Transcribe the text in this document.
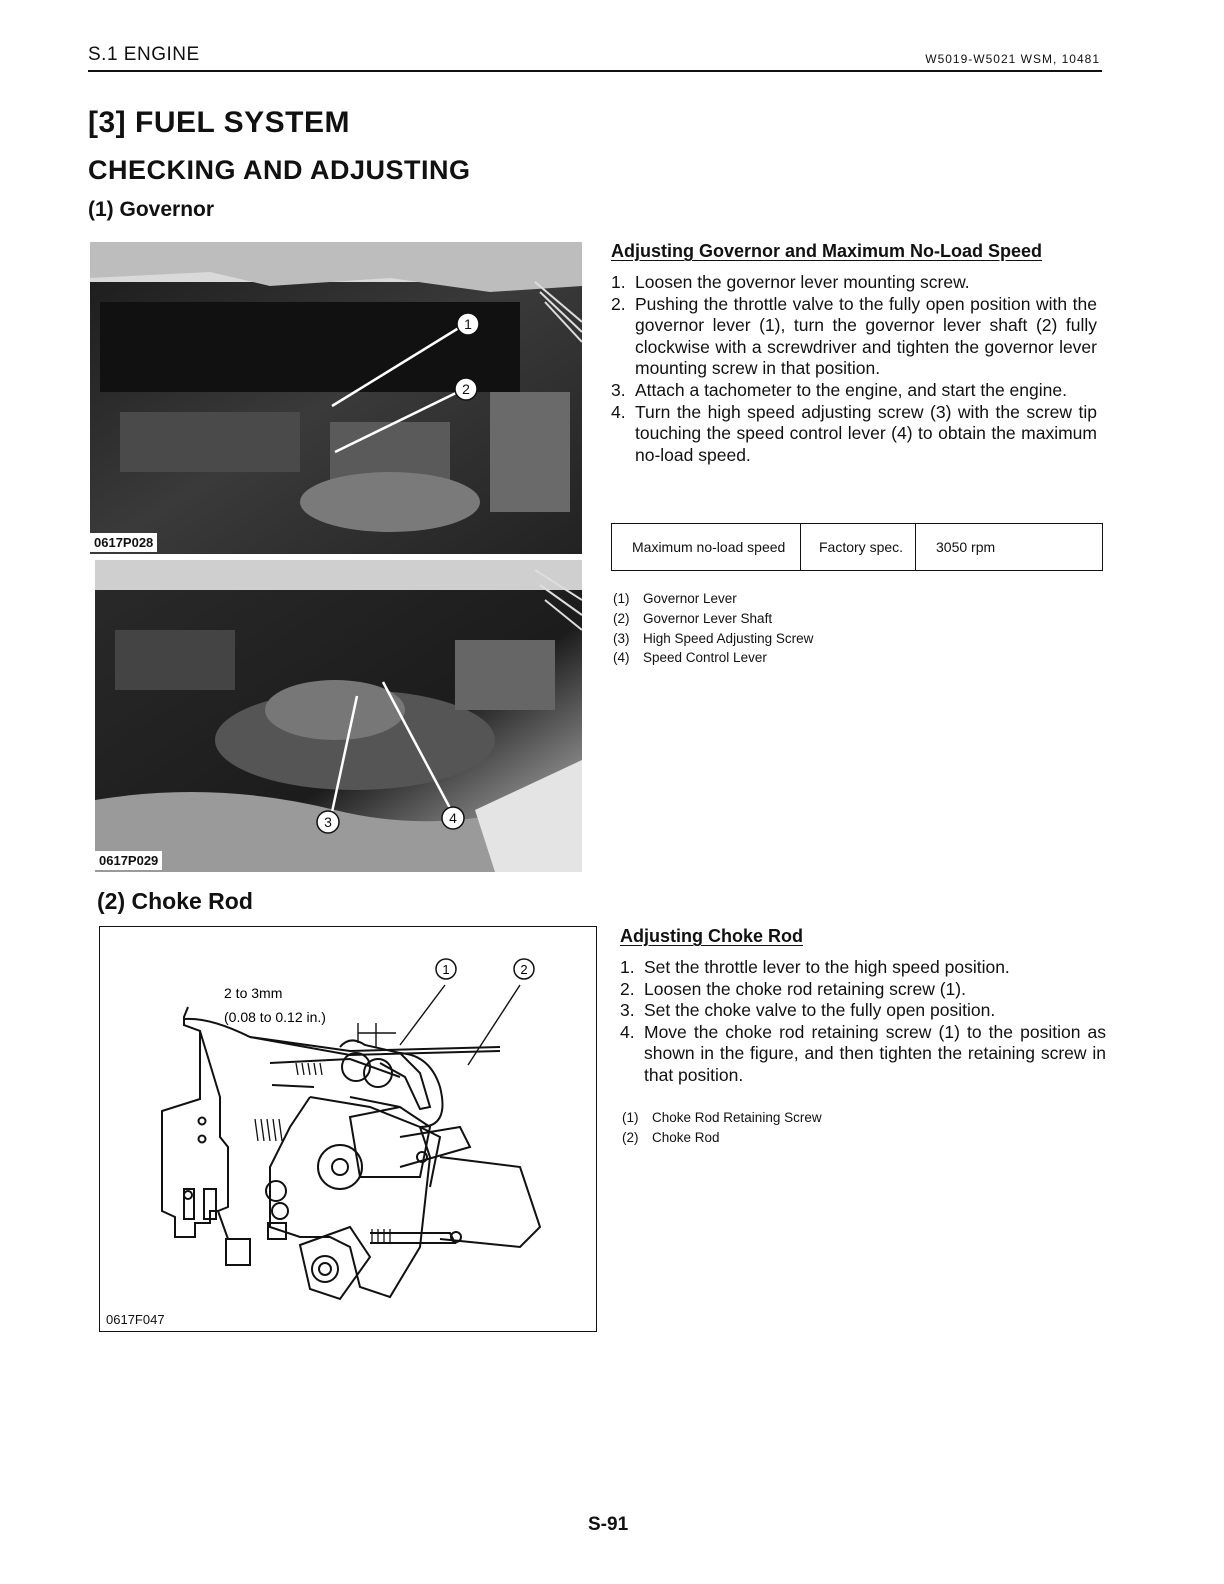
S.1 ENGINE	W5019-W5021 WSM, 10481
[3] FUEL SYSTEM
CHECKING AND ADJUSTING
(1) Governor
1
2
0617P028
3	4
0617P029
Adjusting Governor and Maximum No-Load Speed
1. Loosen the governor lever mounting screw.
2. Pushing the throttle valve to the fully open position with the governor lever (1), turn the governor lever shaft (2) fully clockwise with a screwdriver and tighten the governor lever mounting screw in that position.
3. Attach a tachometer to the engine, and start the engine.
4. Turn the high speed adjusting screw (3) with the screw tip touching the speed control lever (4) to obtain the maximum no-load speed.
Maximum no-load speed	Factory spec.	3050 rpm
(1) Governor Lever
(2) Governor Lever Shaft
(3) High Speed Adjusting Screw
(4) Speed Control Lever
(2) Choke Rod
1	2
2 to 3mm
(0.08 to 0.12 in.)
0617F047
Adjusting Choke Rod
1. Set the throttle lever to the high speed position.
2. Loosen the choke rod retaining screw (1).
3. Set the choke valve to the fully open position.
4. Move the choke rod retaining screw (1) to the position as shown in the figure, and then tighten the retaining screw in that position.
(1) Choke Rod Retaining Screw
(2) Choke Rod
S-91
